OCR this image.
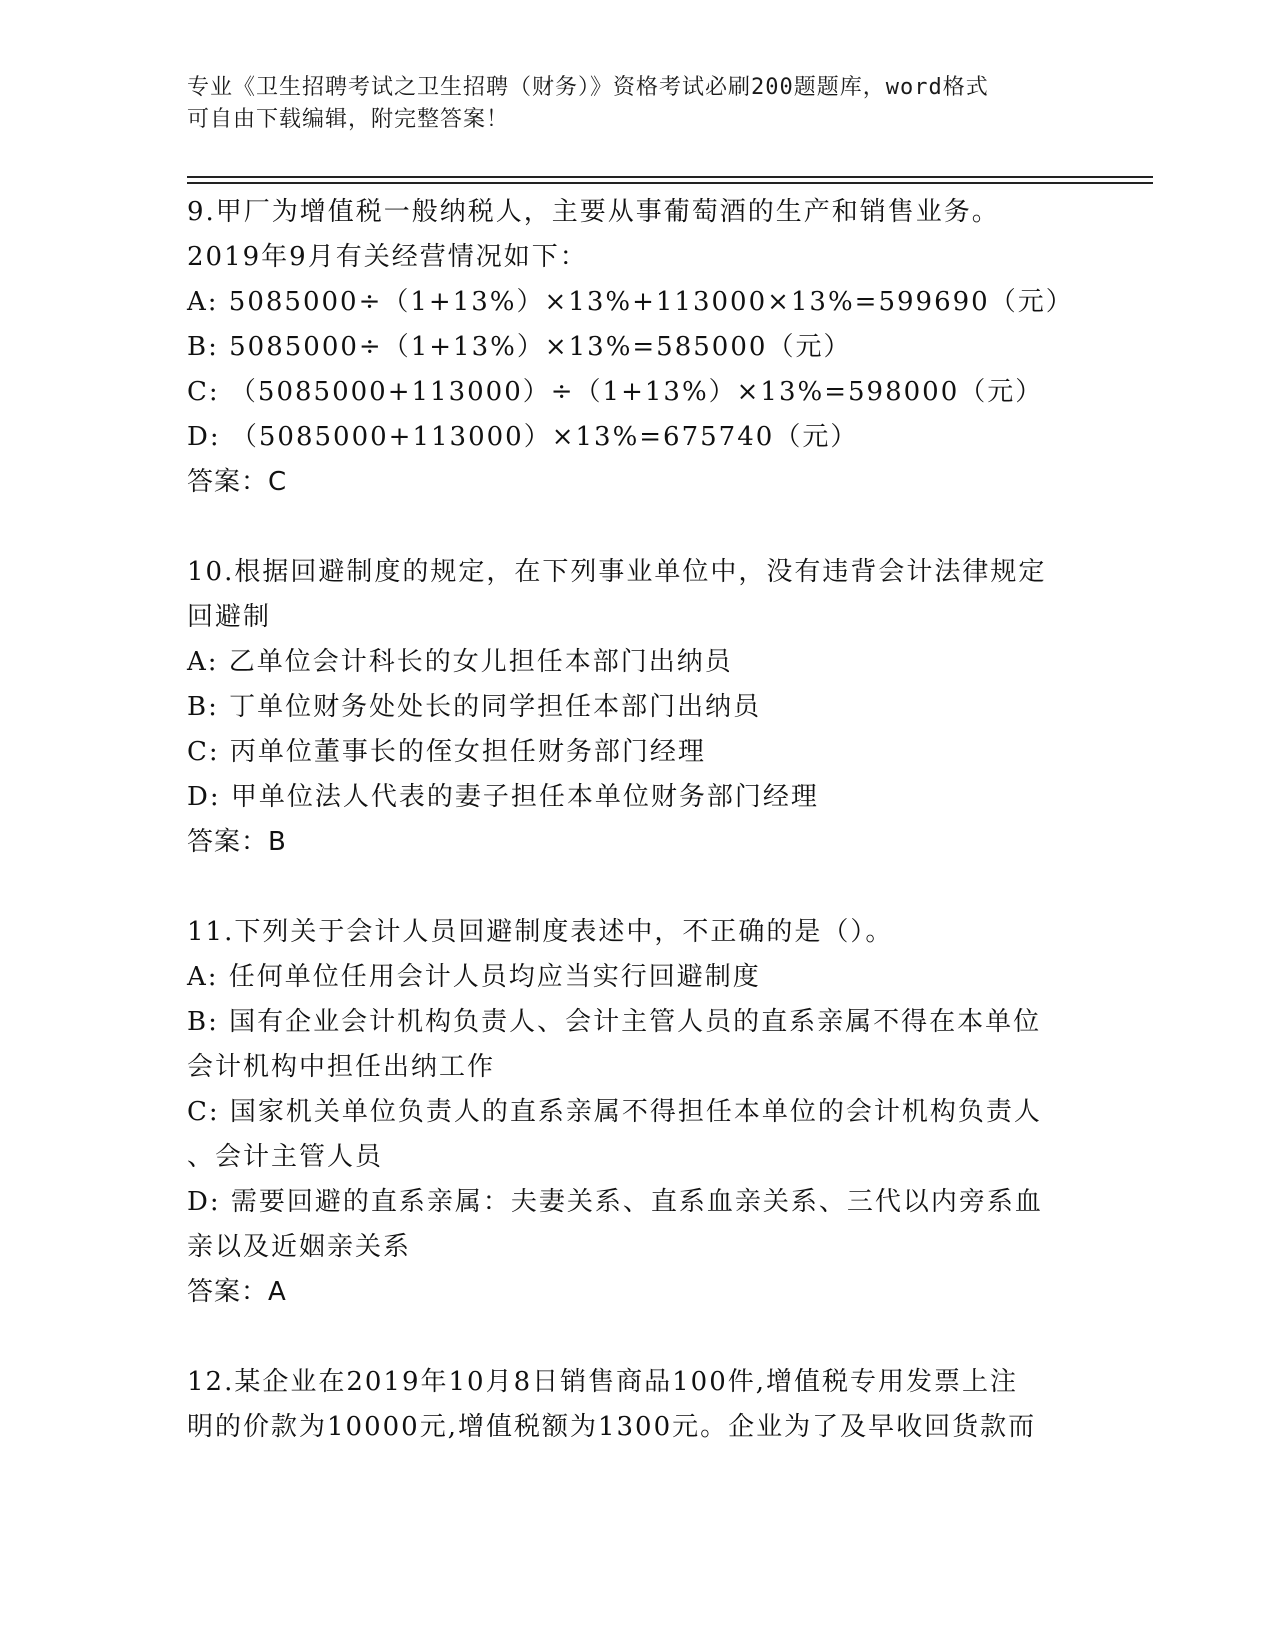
专业《卫生招聘考试之卫生招聘（财务）》资格考试必刷200题题库，word格式
可自由下载编辑，附完整答案！

9.甲厂为增值税一般纳税人，主要从事葡萄酒的生产和销售业务。

2019年9月有关经营情况如下：

A: 5085000÷（1+13%）×13%+113000×13%=599690（元）

B: 5085000÷（1+13%）×13%=585000（元）

C: （5085000+113000）÷（1+13%）×13%=598000（元）

D: （5085000+113000）×13%=675740（元）

答案：C

10.根据回避制度的规定，在下列事业单位中，没有违背会计法律规定

回避制

A: 乙单位会计科长的女儿担任本部门出纳员

B: 丁单位财务处处长的同学担任本部门出纳员

C: 丙单位董事长的侄女担任财务部门经理

D: 甲单位法人代表的妻子担任本单位财务部门经理

答案：B

11.下列关于会计人员回避制度表述中，不正确的是（）。

A: 任何单位任用会计人员均应当实行回避制度

B: 国有企业会计机构负责人、会计主管人员的直系亲属不得在本单位

会计机构中担任出纳工作

C: 国家机关单位负责人的直系亲属不得担任本单位的会计机构负责人

、会计主管人员

D: 需要回避的直系亲属：夫妻关系、直系血亲关系、三代以内旁系血

亲以及近姻亲关系

答案：A

12.某企业在2019年10月8日销售商品100件,增值税专用发票上注

明的价款为10000元,增值税额为1300元。企业为了及早收回货款而
